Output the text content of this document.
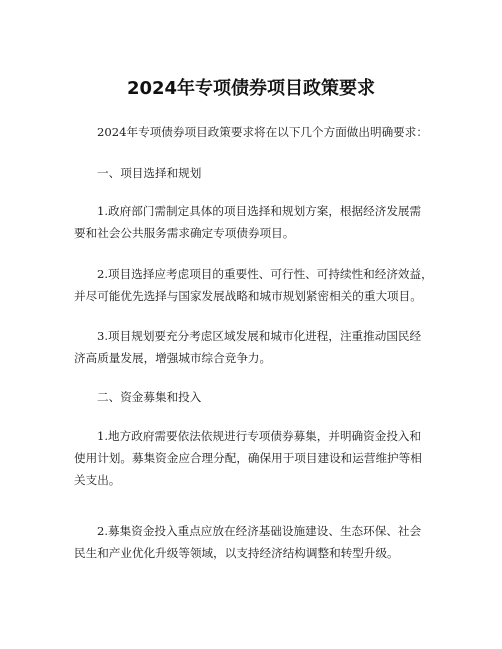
2024年专项债券项目政策要求
2024年专项债券项目政策要求将在以下几个方面做出明确要求：
一、项目选择和规划
1.政府部门需制定具体的项目选择和规划方案，根据经济发展需
要和社会公共服务需求确定专项债券项目。
2.项目选择应考虑项目的重要性、可行性、可持续性和经济效益，
并尽可能优先选择与国家发展战略和城市规划紧密相关的重大项目。
3.项目规划要充分考虑区域发展和城市化进程，注重推动国民经
济高质量发展，增强城市综合竞争力。
二、资金募集和投入
1.地方政府需要依法依规进行专项债券募集，并明确资金投入和
使用计划。募集资金应合理分配，确保用于项目建设和运营维护等相
关支出。
2.募集资金投入重点应放在经济基础设施建设、生态环保、社会
民生和产业优化升级等领域，以支持经济结构调整和转型升级。
